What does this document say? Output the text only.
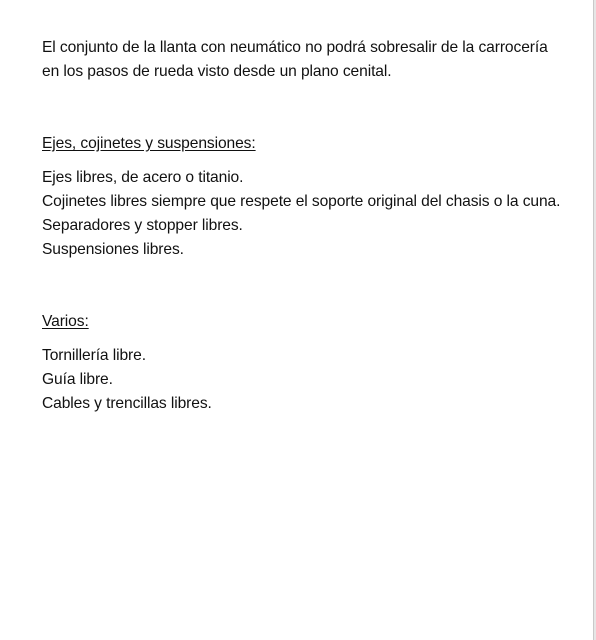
El conjunto de la llanta con neumático no podrá sobresalir de la carrocería en los pasos de rueda visto desde un plano cenital.

Ejes, cojinetes y suspensiones:

Ejes libres, de acero o titanio.

Cojinetes libres siempre que respete el soporte original del chasis o la cuna.

Separadores y stopper libres.

Suspensiones libres.

Varios:

Tornillería libre.

Guía libre.

Cables y trencillas libres.
